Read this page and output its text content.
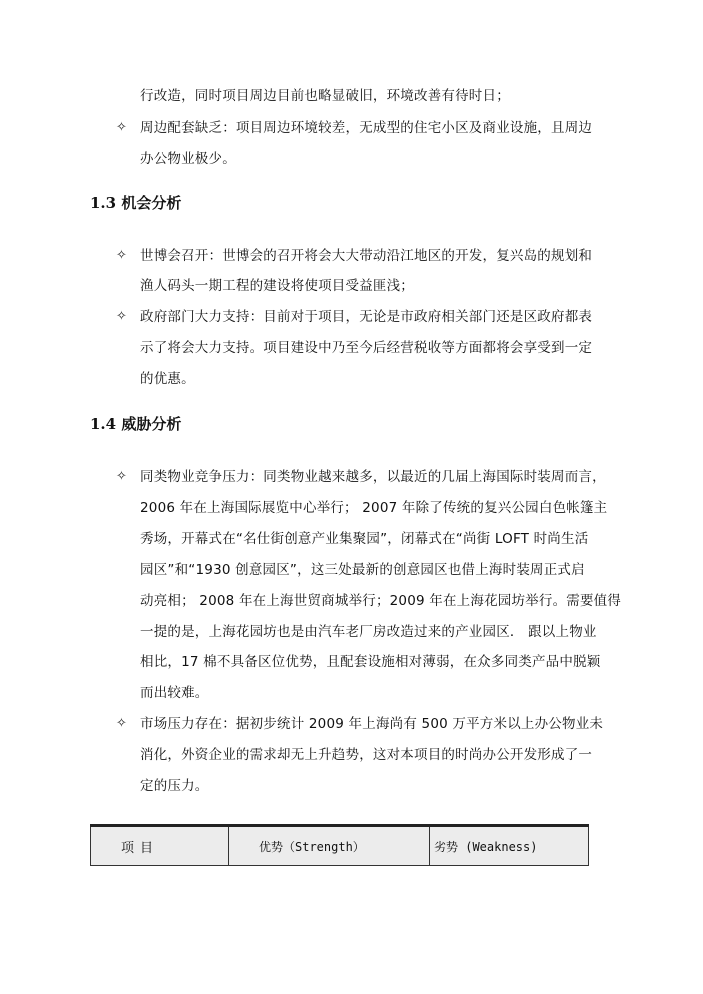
行改造，同时项目周边目前也略显破旧，环境改善有待时日；
✧ 周边配套缺乏：项目周边环境较差，无成型的住宅小区及商业设施，且周边
办公物业极少。
1.3 机会分析
✧ 世博会召开：世博会的召开将会大大带动沿江地区的开发，复兴岛的规划和
渔人码头一期工程的建设将使项目受益匪浅；
✧ 政府部门大力支持：目前对于项目，无论是市政府相关部门还是区政府都表
示了将会大力支持。项目建设中乃至今后经营税收等方面都将会享受到一定
的优惠。
1.4 威胁分析
✧ 同类物业竞争压力：同类物业越来越多，以最近的几届上海国际时装周而言，
2006 年在上海国际展览中心举行； 2007 年除了传统的复兴公园白色帐篷主
秀场，开幕式在“名仕街创意产业集聚园”，闭幕式在“尚街 LOFT 时尚生活
园区”和“1930 创意园区”，这三处最新的创意园区也借上海时装周正式启
动亮相； 2008 年在上海世贸商城举行；2009 年在上海花园坊举行。需要值得
一提的是，上海花园坊也是由汽车老厂房改造过来的产业园区． 跟以上物业
相比，17 棉不具备区位优势，且配套设施相对薄弱，在众多同类产品中脱颖
而出较难。
✧ 市场压力存在：据初步统计 2009 年上海尚有 500 万平方米以上办公物业未
消化，外资企业的需求却无上升趋势，这对本项目的时尚办公开发形成了一
定的压力。
项目	优势（Strength）	劣势 (Weakness)
